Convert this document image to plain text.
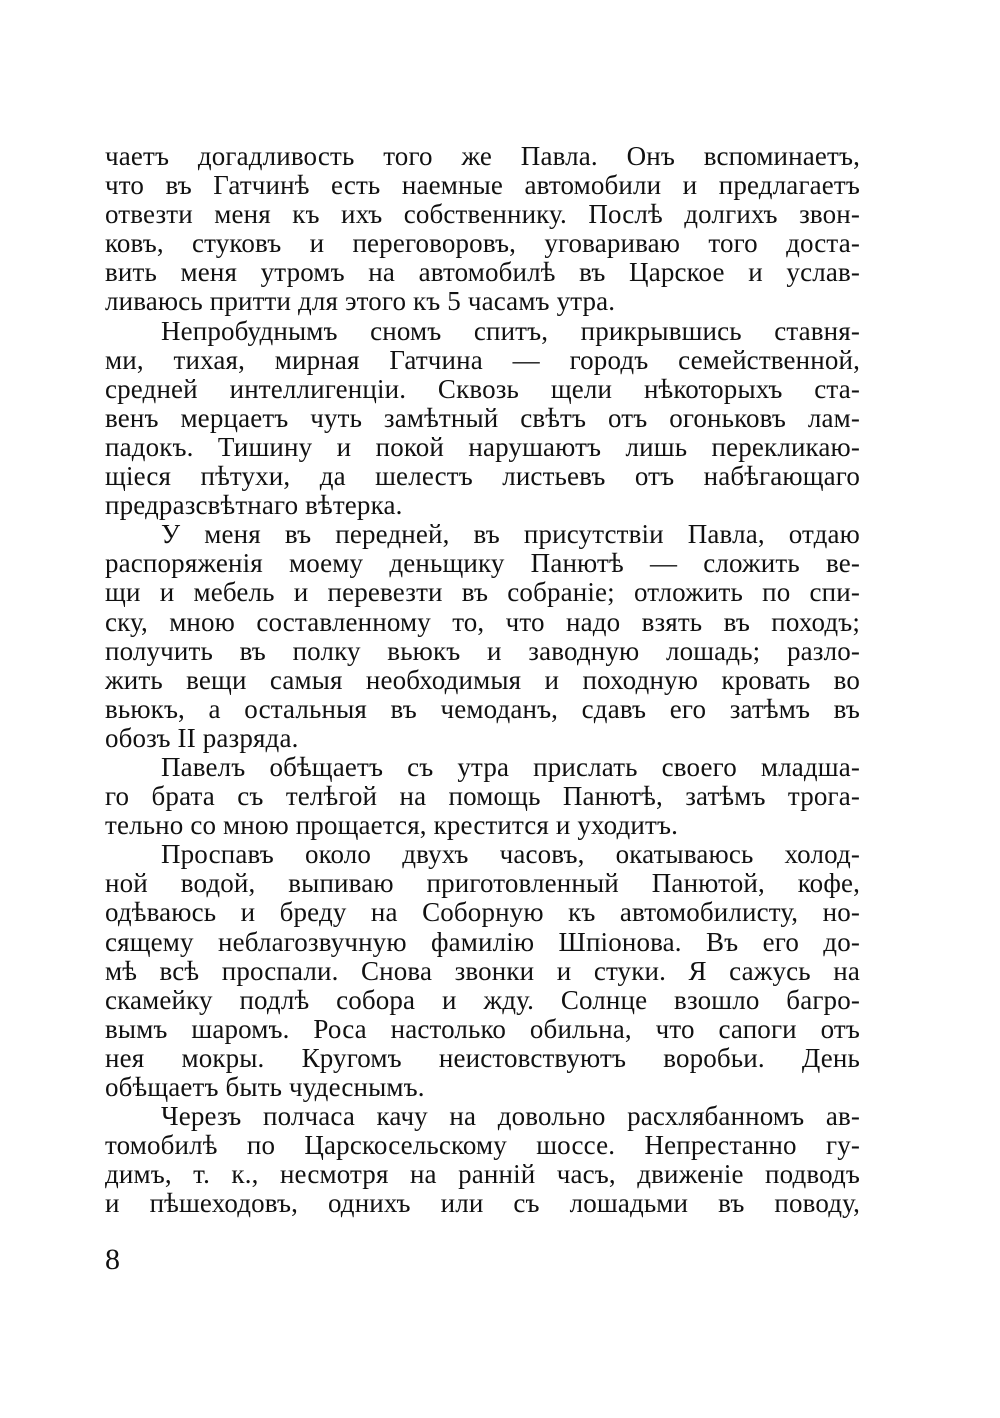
чаетъ догадливость того же Павла. Онъ вспоминаетъ,
что въ Гатчинѣ есть наемные автомобили и предлагаетъ
отвезти меня къ ихъ собственнику. Послѣ долгихъ звон-
ковъ, стуковъ и переговоровъ, уговариваю того доста-
вить меня утромъ на автомобилѣ въ Царское и услав-
ливаюсь притти для этого къ 5 часамъ утра.
Непробуднымъ сномъ спитъ, прикрывшись ставня-
ми, тихая, мирная Гатчина — городъ семейственной,
средней интеллигенціи. Сквозь щели нѣкоторыхъ ста-
венъ мерцаетъ чуть замѣтный свѣтъ отъ огоньковъ лам-
падокъ. Тишину и покой нарушаютъ лишь перекликаю-
щіеся пѣтухи, да шелестъ листьевъ отъ набѣгающаго
предразсвѣтнаго вѣтерка.
У меня въ передней, въ присутствіи Павла, отдаю
распоряженія моему деньщику Панютѣ — сложить ве-
щи и мебель и перевезти въ собраніе; отложить по спи-
ску, мною составленному то, что надо взять въ походъ;
получить въ полку вьюкъ и заводную лошадь; разло-
жить вещи самыя необходимыя и походную кровать во
вьюкъ, а остальныя въ чемоданъ, сдавъ его затѣмъ въ
обозъ II разряда.
Павелъ обѣщаетъ съ утра прислать своего младша-
го брата съ телѣгой на помощь Панютѣ, затѣмъ трога-
тельно со мною прощается, крестится и уходитъ.
Проспавъ около двухъ часовъ, окатываюсь холод-
ной водой, выпиваю приготовленный Панютой, кофе,
одѣваюсь и бреду на Соборную къ автомобилисту, но-
сящему неблагозвучную фамилію Шпіонова. Въ его до-
мѣ всѣ проспали. Снова звонки и стуки. Я сажусь на
скамейку подлѣ собора и жду. Солнце взошло багро-
вымъ шаромъ. Роса настолько обильна, что сапоги отъ
нея мокры. Кругомъ неистовствуютъ воробьи. День
обѣщаетъ быть чудеснымъ.
Черезъ полчаса качу на довольно расхлябанномъ ав-
томобилѣ по Царскосельскому шоссе. Непрестанно гу-
димъ, т. к., несмотря на ранній часъ, движеніе подводъ
и пѣшеходовъ, однихъ или съ лошадьми въ поводу,
8
